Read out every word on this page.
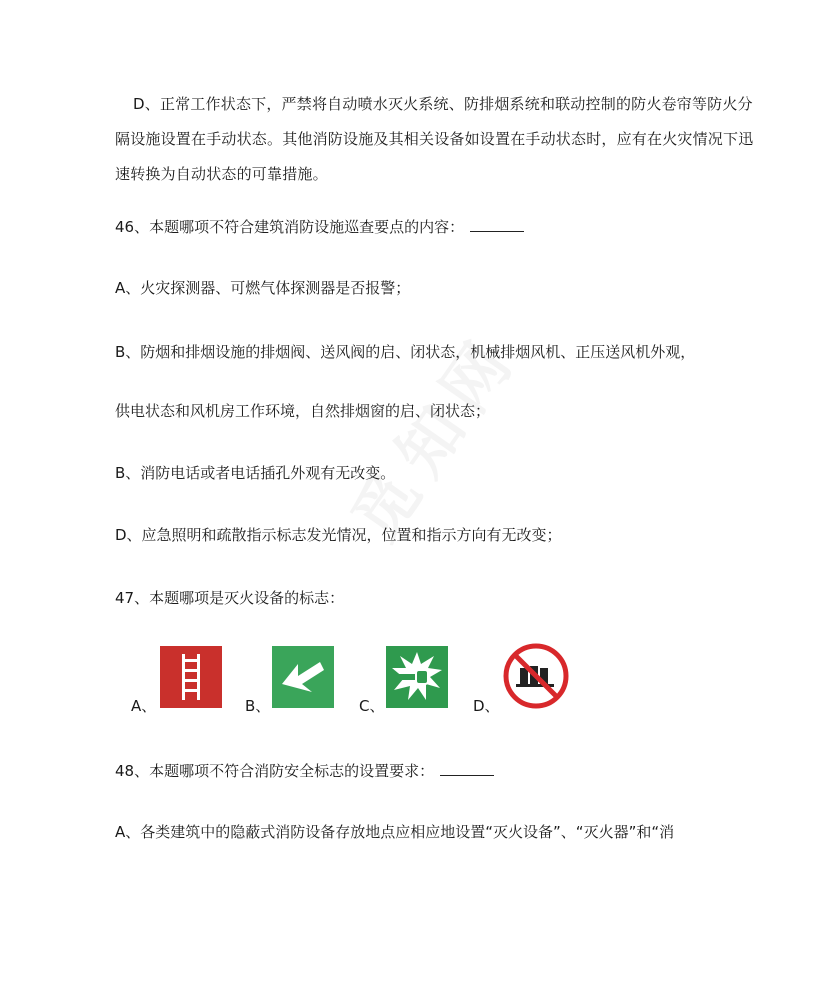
D、正常工作状态下，严禁将自动喷水灭火系统、防排烟系统和联动控制的防火卷帘等防火分隔设施设置在手动状态。其他消防设施及其相关设备如设置在手动状态时，应有在火灾情况下迅速转换为自动状态的可靠措施。
46、本题哪项不符合建筑消防设施巡查要点的内容：
A、火灾探测器、可燃气体探测器是否报警；
B、防烟和排烟设施的排烟阀、送风阀的启、闭状态，机械排烟风机、正压送风机外观，
供电状态和风机房工作环境，自然排烟窗的启、闭状态；
B、消防电话或者电话插孔外观有无改变。
D、应急照明和疏散指示标志发光情况，位置和指示方向有无改变；
47、本题哪项是灭火设备的标志：
A、	B、	C、	D、
48、本题哪项不符合消防安全标志的设置要求：
A、各类建筑中的隐蔽式消防设备存放地点应相应地设置“灭火设备”、“灭火器”和“消
